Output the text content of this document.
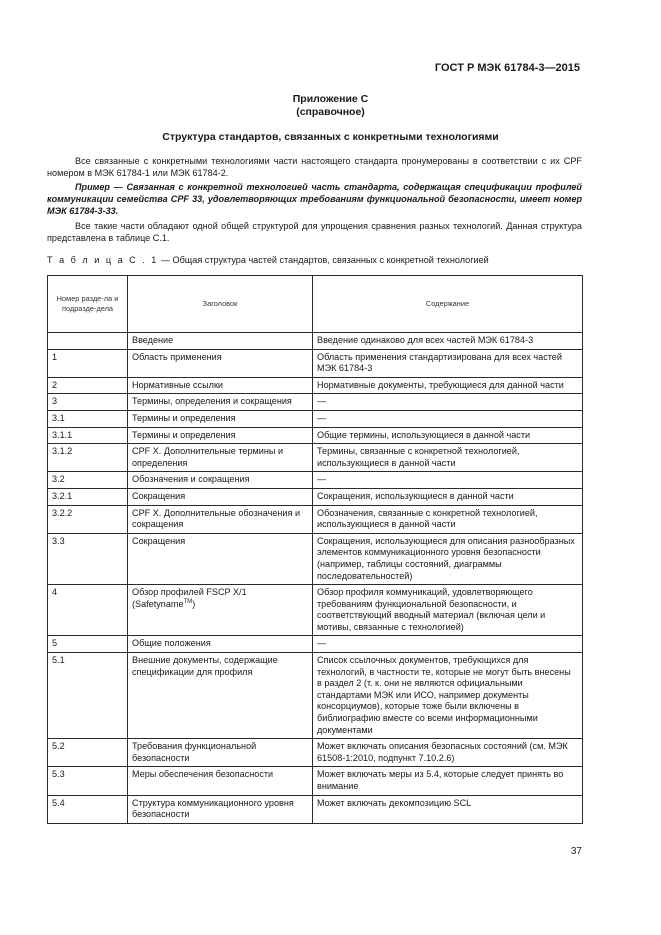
ГОСТ Р МЭК 61784-3—2015
Приложение С
(справочное)
Структура стандартов, связанных с конкретными технологиями
Все связанные с конкретными технологиями части настоящего стандарта пронумерованы в соответствии с их CPF номером в МЭК 61784-1 или МЭК 61784-2.
Пример — Связанная с конкретной технологией часть стандарта, содержащая спецификации профилей коммуникации семейства CPF 33, удовлетворяющих требованиям функциональной безопасности, имеет номер МЭК 61784-3-33.
Все такие части обладают одной общей структурой для упрощения сравнения разных технологий. Данная структура представлена в таблице С.1.
Т а б л и ц а С . 1 — Общая структура частей стандартов, связанных с конкретной технологией
Номер разде-ла и подразде-дела	Заголовок	Содержание
	Введение	Введение одинаково для всех частей МЭК 61784-3
1	Область применения	Область применения стандартизирована для всех частей МЭК 61784-3
2	Нормативные ссылки	Нормативные документы, требующиеся для данной части
3	Термины, определения и сокращения	—
3.1	Термины и определения	—
3.1.1	Термины и определения	Общие термины, использующиеся в данной части
3.1.2	CPF X. Дополнительные термины и определения	Термины, связанные с конкретной технологией, использующиеся в данной части
3.2	Обозначения и сокращения	—
3.2.1	Сокращения	Сокращения, использующиеся в данной части
3.2.2	CPF X. Дополнительные обозначения и сокращения	Обозначения, связанные с конкретной технологией, использующиеся в данной части
3.3	Сокращения	Сокращения, использующиеся для описания разнообразных элементов коммуникационного уровня безопасности (например, таблицы состояний, диаграммы последовательностей)
4	Обзор профилей FSCP X/1 (Safetyname™)	Обзор профиля коммуникаций, удовлетворяющего требованиям функциональной безопасности, и соответствующий вводный материал (включая цели и мотивы, связанные с технологией)
5	Общие положения	—
5.1	Внешние документы, содержащие спецификации для профиля	Список ссылочных документов, требующихся для технологий, в частности те, которые не могут быть внесены в раздел 2 (т. к. они не являются официальными стандартами МЭК или ИСО, например документы консорциумов), которые тоже были включены в библиографию вместе со всеми информационными документами
5.2	Требования функциональной безопасности	Может включать описания безопасных состояний (см. МЭК 61508-1:2010, подпункт 7.10.2.6)
5.3	Меры обеспечения безопасности	Может включать меры из 5.4, которые следует принять во внимание
5.4	Структура коммуникационного уровня безопасности	Может включать декомпозицию SCL
37
